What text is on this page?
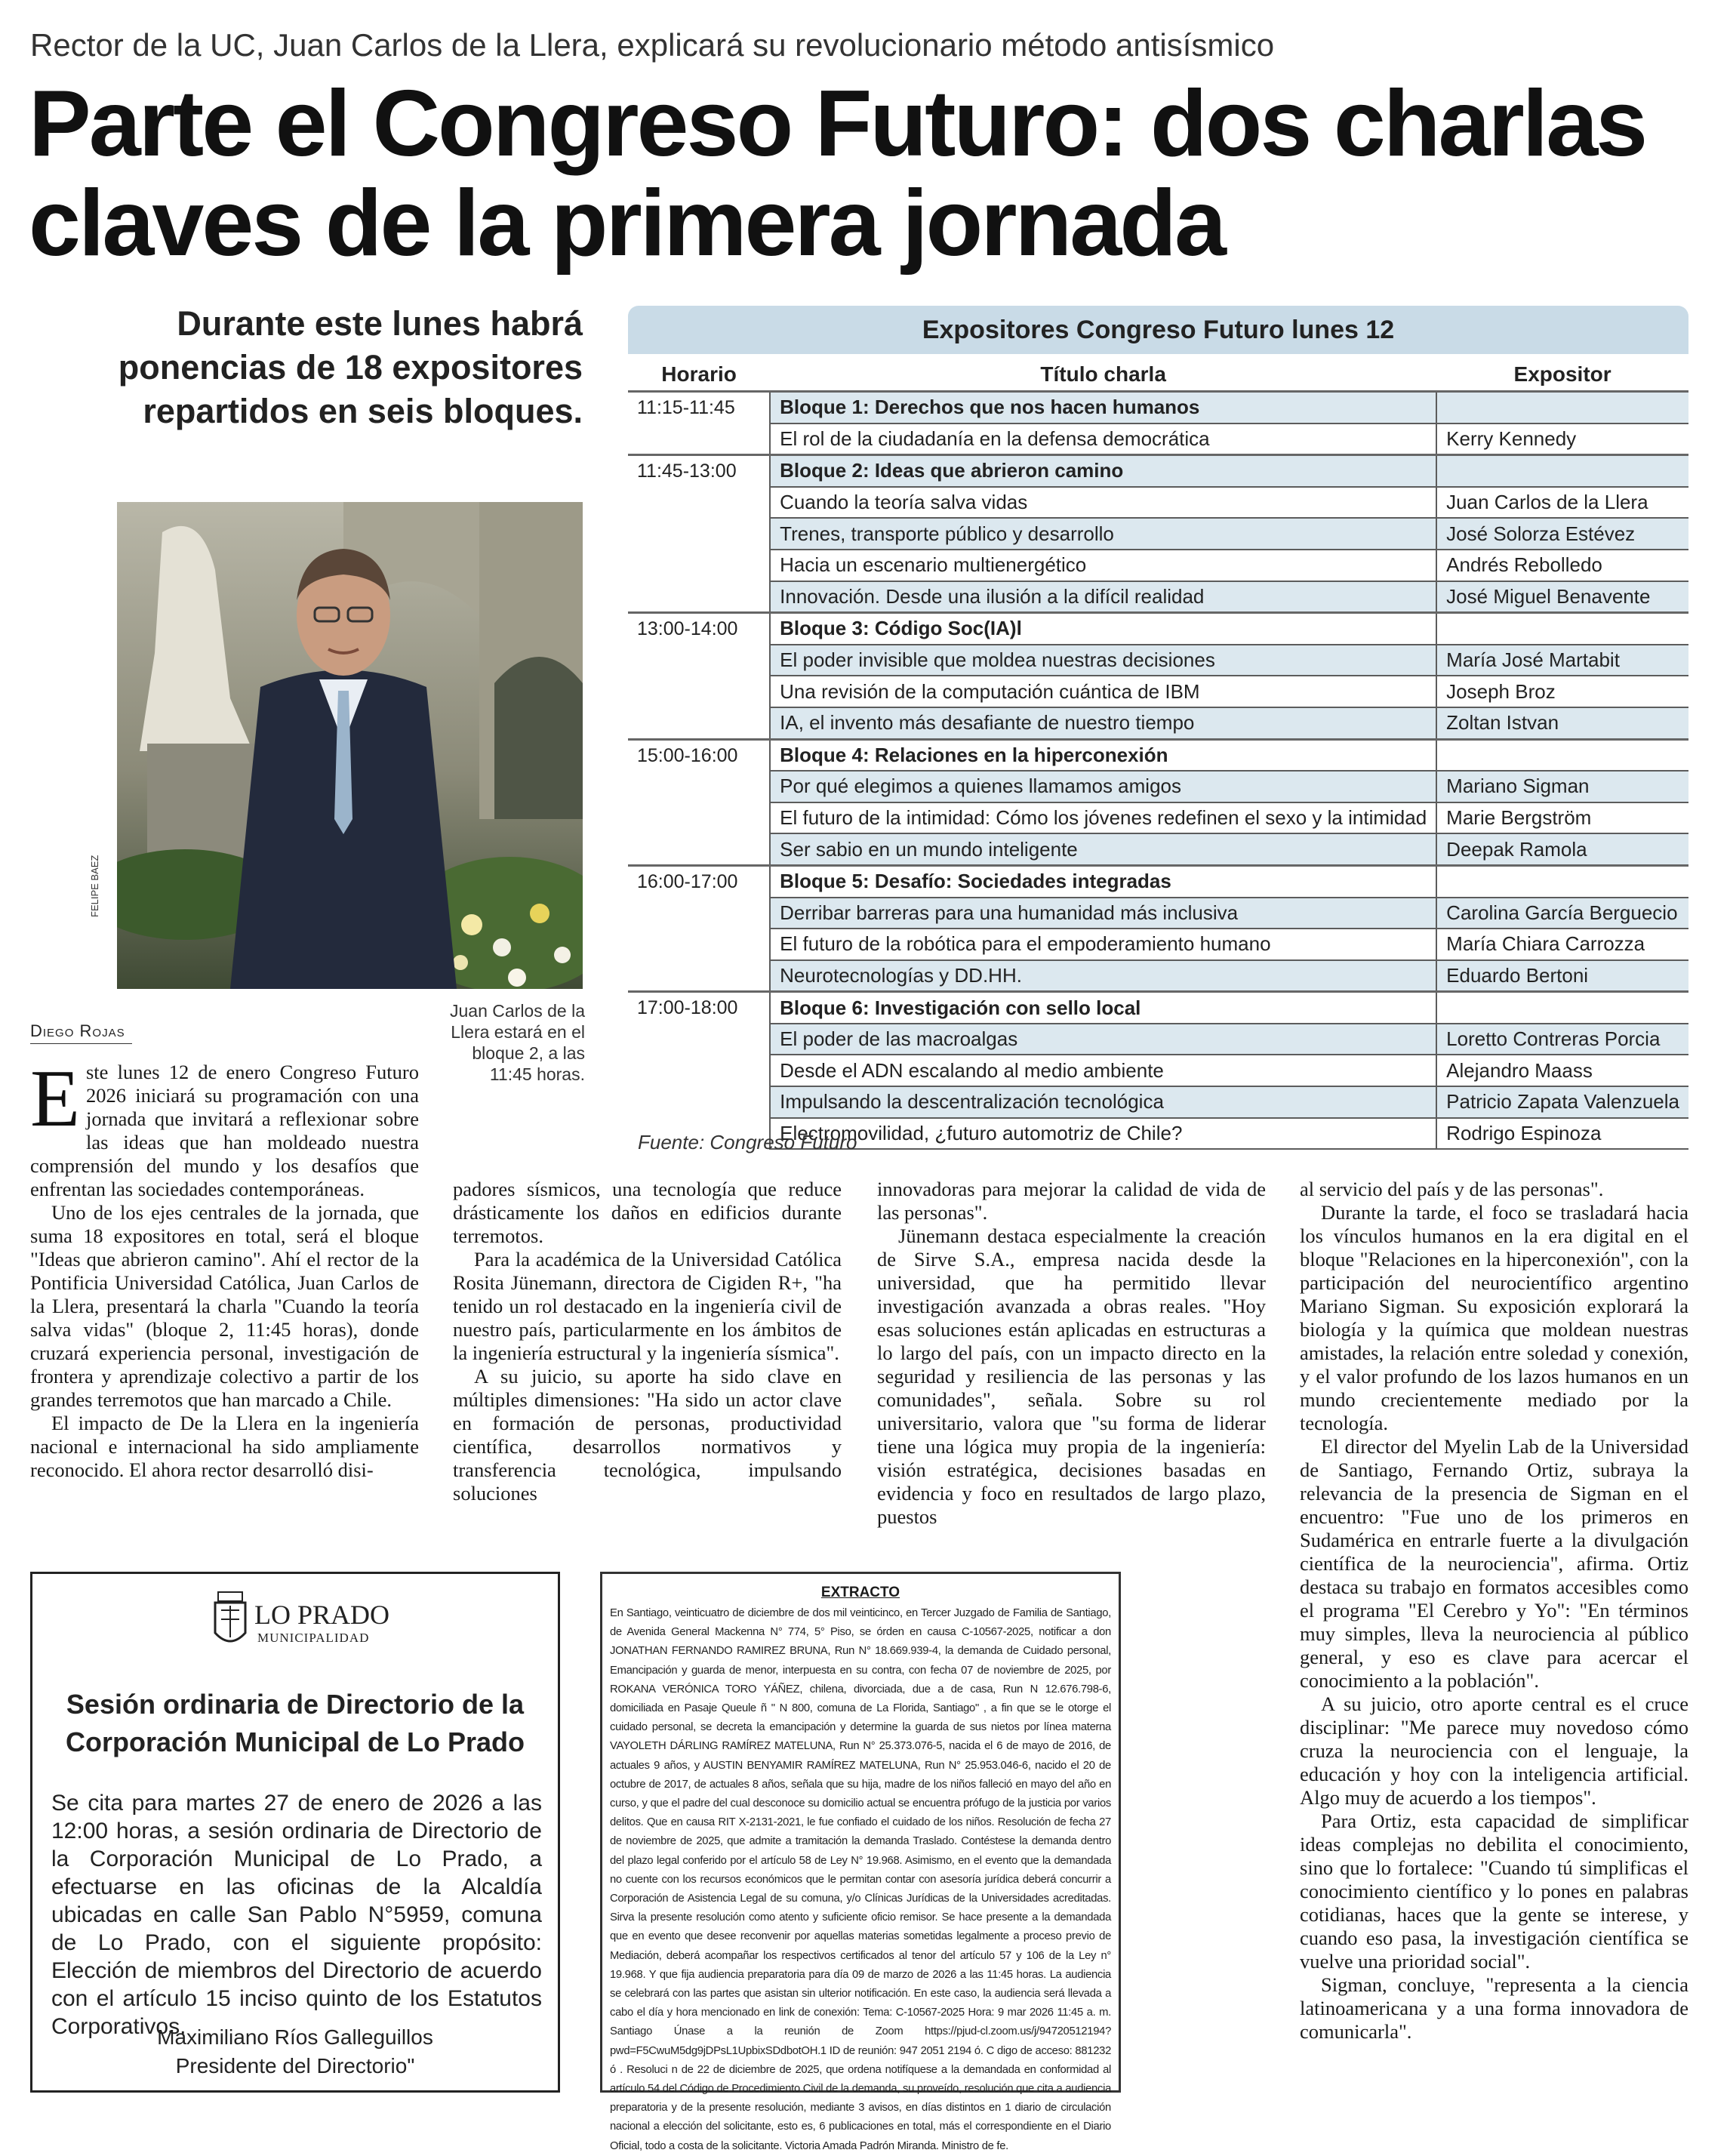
Rector de la UC, Juan Carlos de la Llera, explicará su revolucionario método antisísmico
Parte el Congreso Futuro: dos charlas claves de la primera jornada
Durante este lunes habrá ponencias de 18 expositores repartidos en seis bloques.
FELIPE BAEZ
Juan Carlos de la Llera estará en el bloque 2, a las 11:45 horas.
Diego Rojas
Expositores Congreso Futuro lunes 12
Horario	Título charla	Expositor
11:15-11:45	Bloque 1: Derechos que nos hacen humanos	
	El rol de la ciudadanía en la defensa democrática	Kerry Kennedy
11:45-13:00	Bloque 2: Ideas que abrieron camino	
	Cuando la teoría salva vidas	Juan Carlos de la Llera
	Trenes, transporte público y desarrollo	José Solorza Estévez
	Hacia un escenario multienergético	Andrés Rebolledo
	Innovación. Desde una ilusión a la difícil realidad	José Miguel Benavente
13:00-14:00	Bloque 3: Código Soc(IA)l	
	El poder invisible que moldea nuestras decisiones	María José Martabit
	Una revisión de la computación cuántica de IBM	Joseph Broz
	IA, el invento más desafiante de nuestro tiempo	Zoltan Istvan
15:00-16:00	Bloque 4: Relaciones en la hiperconexión	
	Por qué elegimos a quienes llamamos amigos	Mariano Sigman
	El futuro de la intimidad: Cómo los jóvenes redefinen el sexo y la intimidad	Marie Bergström
	Ser sabio en un mundo inteligente	Deepak Ramola
16:00-17:00	Bloque 5: Desafío: Sociedades integradas	
	Derribar barreras para una humanidad más inclusiva	Carolina García Berguecio
	El futuro de la robótica para el empoderamiento humano	María Chiara Carrozza
	Neurotecnologías y DD.HH.	Eduardo Bertoni
17:00-18:00	Bloque 6: Investigación con sello local	
	El poder de las macroalgas	Loretto Contreras Porcia
	Desde el ADN escalando al medio ambiente	Alejandro Maass
	Impulsando la descentralización tecnológica	Patricio Zapata Valenzuela
	Electromovilidad, ¿futuro automotriz de Chile?	Rodrigo Espinoza
Fuente: Congreso Futuro

Este lunes 12 de enero Congreso Futuro 2026 iniciará su programación con una jornada que invitará a reflexionar sobre las ideas que han moldeado nuestra comprensión del mundo y los desafíos que enfrentan las sociedades contemporáneas.

Uno de los ejes centrales de la jornada, que suma 18 expositores en total, será el bloque "Ideas que abrieron camino". Ahí el rector de la Pontificia Universidad Católica, Juan Carlos de la Llera, presentará la charla "Cuando la teoría salva vidas" (bloque 2, 11:45 horas), donde cruzará experiencia personal, investigación de frontera y aprendizaje colectivo a partir de los grandes terremotos que han marcado a Chile.

El impacto de De la Llera en la ingeniería nacional e internacional ha sido ampliamente reconocido. El ahora rector desarrolló disi-

padores sísmicos, una tecnología que reduce drásticamente los daños en edificios durante terremotos.

Para la académica de la Universidad Católica Rosita Jünemann, directora de Cigiden R+, "ha tenido un rol destacado en la ingeniería civil de nuestro país, particularmente en los ámbitos de la ingeniería estructural y la ingeniería sísmica".

A su juicio, su aporte ha sido clave en múltiples dimensiones: "Ha sido un actor clave en formación de personas, productividad científica, desarrollos normativos y transferencia tecnológica, impulsando soluciones

innovadoras para mejorar la calidad de vida de las personas".

Jünemann destaca especialmente la creación de Sirve S.A., empresa nacida desde la universidad, que ha permitido llevar investigación avanzada a obras reales. "Hoy esas soluciones están aplicadas en estructuras a lo largo del país, con un impacto directo en la seguridad y resiliencia de las personas y las comunidades", señala. Sobre su rol universitario, valora que "su forma de liderar tiene una lógica muy propia de la ingeniería: visión estratégica, decisiones basadas en evidencia y foco en resultados de largo plazo, puestos

al servicio del país y de las personas".

Durante la tarde, el foco se trasladará hacia los vínculos humanos en la era digital en el bloque "Relaciones en la hiperconexión", con la participación del neurocientífico argentino Mariano Sigman. Su exposición explorará la biología y la química que moldean nuestras amistades, la relación entre soledad y conexión, y el valor profundo de los lazos humanos en un mundo crecientemente mediado por la tecnología.

El director del Myelin Lab de la Universidad de Santiago, Fernando Ortiz, subraya la relevancia de la presencia de Sigman en el encuentro: "Fue uno de los primeros en Sudamérica en entrarle fuerte a la divulgación científica de la neurociencia", afirma. Ortiz destaca su trabajo en formatos accesibles como el programa "El Cerebro y Yo": "En términos muy simples, lleva la neurociencia al público general, y eso es clave para acercar el conocimiento a la población".

A su juicio, otro aporte central es el cruce disciplinar: "Me parece muy novedoso cómo cruza la neurociencia con el lenguaje, la educación y hoy con la inteligencia artificial. Algo muy de acuerdo a los tiempos".

Para Ortiz, esta capacidad de simplificar ideas complejas no debilita el conocimiento, sino que lo fortalece: "Cuando tú simplificas el conocimiento científico y lo pones en palabras cotidianas, haces que la gente se interese, y cuando eso pasa, la investigación científica se vuelve una prioridad social".

Sigman, concluye, "representa a la ciencia latinoamericana y a una forma innovadora de comunicarla".

LO PRADO
MUNICIPALIDAD
Sesión ordinaria de Directorio de la Corporación Municipal de Lo Prado
Se cita para martes 27 de enero de 2026 a las 12:00 horas, a sesión ordinaria de Directorio de la Corporación Municipal de Lo Prado, a efectuarse en las oficinas de la Alcaldía ubicadas en calle San Pablo N°5959, comuna de Lo Prado, con el siguiente propósito: Elección de miembros del Directorio de acuerdo con el artículo 15 inciso quinto de los Estatutos Corporativos.
Maximiliano Ríos Galleguillos
Presidente del Directorio"
EXTRACTO
En Santiago, veinticuatro de diciembre de dos mil veinticinco, en Tercer Juzgado de Familia de Santiago, de Avenida General Mackenna N° 774, 5° Piso, se órden en causa C-10567-2025, notificar a don JONATHAN FERNANDO RAMIREZ BRUNA, Run N° 18.669.939-4, la demanda de Cuidado personal, Emancipación y guarda de menor, interpuesta en su contra, con fecha 07 de noviembre de 2025, por ROKANA VERÓNICA TORO YÁÑEZ, chilena, divorciada, due a de casa, Run N 12.676.798-6, domiciliada en Pasaje Queule ñ " N 800, comuna de La Florida, Santiago" , a fin que se le otorge el cuidado personal, se decreta la emancipación y determine la guarda de sus nietos por línea materna VAYOLETH DÁRLING RAMÍREZ MATELUNA, Run N° 25.373.076-5, nacida el 6 de mayo de 2016, de actuales 9 años, y AUSTIN BENYAMIR RAMÍREZ MATELUNA, Run N° 25.953.046-6, nacido el 20 de octubre de 2017, de actuales 8 años, señala que su hija, madre de los niños falleció en mayo del año en curso, y que el padre del cual desconoce su domicilio actual se encuentra prófugo de la justicia por varios delitos. Que en causa RIT X-2131-2021, le fue confiado el cuidado de los niños. Resolución de fecha 27 de noviembre de 2025, que admite a tramitación la demanda Traslado. Contéstese la demanda dentro del plazo legal conferido por el artículo 58 de Ley N° 19.968. Asimismo, en el evento que la demandada no cuente con los recursos económicos que le permitan contar con asesoría jurídica deberá concurrir a Corporación de Asistencia Legal de su comuna, y/o Clínicas Jurídicas de la Universidades acreditadas. Sirva la presente resolución como atento y suficiente oficio remisor. Se hace presente a la demandada que en evento que desee reconvenir por aquellas materias sometidas legalmente a proceso previo de Mediación, deberá acompañar los respectivos certificados al tenor del artículo 57 y 106 de la Ley n° 19.968. Y que fija audiencia preparatoria para día 09 de marzo de 2026 a las 11:45 horas. La audiencia se celebrará con las partes que asistan sin ulterior notificación. En este caso, la audiencia será llevada a cabo el día y hora mencionado en link de conexión: Tema: C-10567-2025 Hora: 9 mar 2026 11:45 a. m. Santiago Únase a la reunión de Zoom https://pjud-cl.zoom.us/j/94720512194?pwd=F5CwuM5dg9jDPsL1UpbixSDdbotOH.1 ID de reunión: 947 2051 2194 ó. C digo de acceso: 881232 ó . Resoluci n de 22 de diciembre de 2025, que ordena notifíquese a la demandada en conformidad al artículo 54 del Código de Procedimiento Civil de la demanda, su proveído, resolución que cita a audiencia preparatoria y de la presente resolución, mediante 3 avisos, en días distintos en 1 diario de circulación nacional a elección del solicitante, esto es, 6 publicaciones en total, más el correspondiente en el Diario Oficial, todo a costa de la solicitante. Victoria Amada Padrón Miranda. Ministro de fe.
